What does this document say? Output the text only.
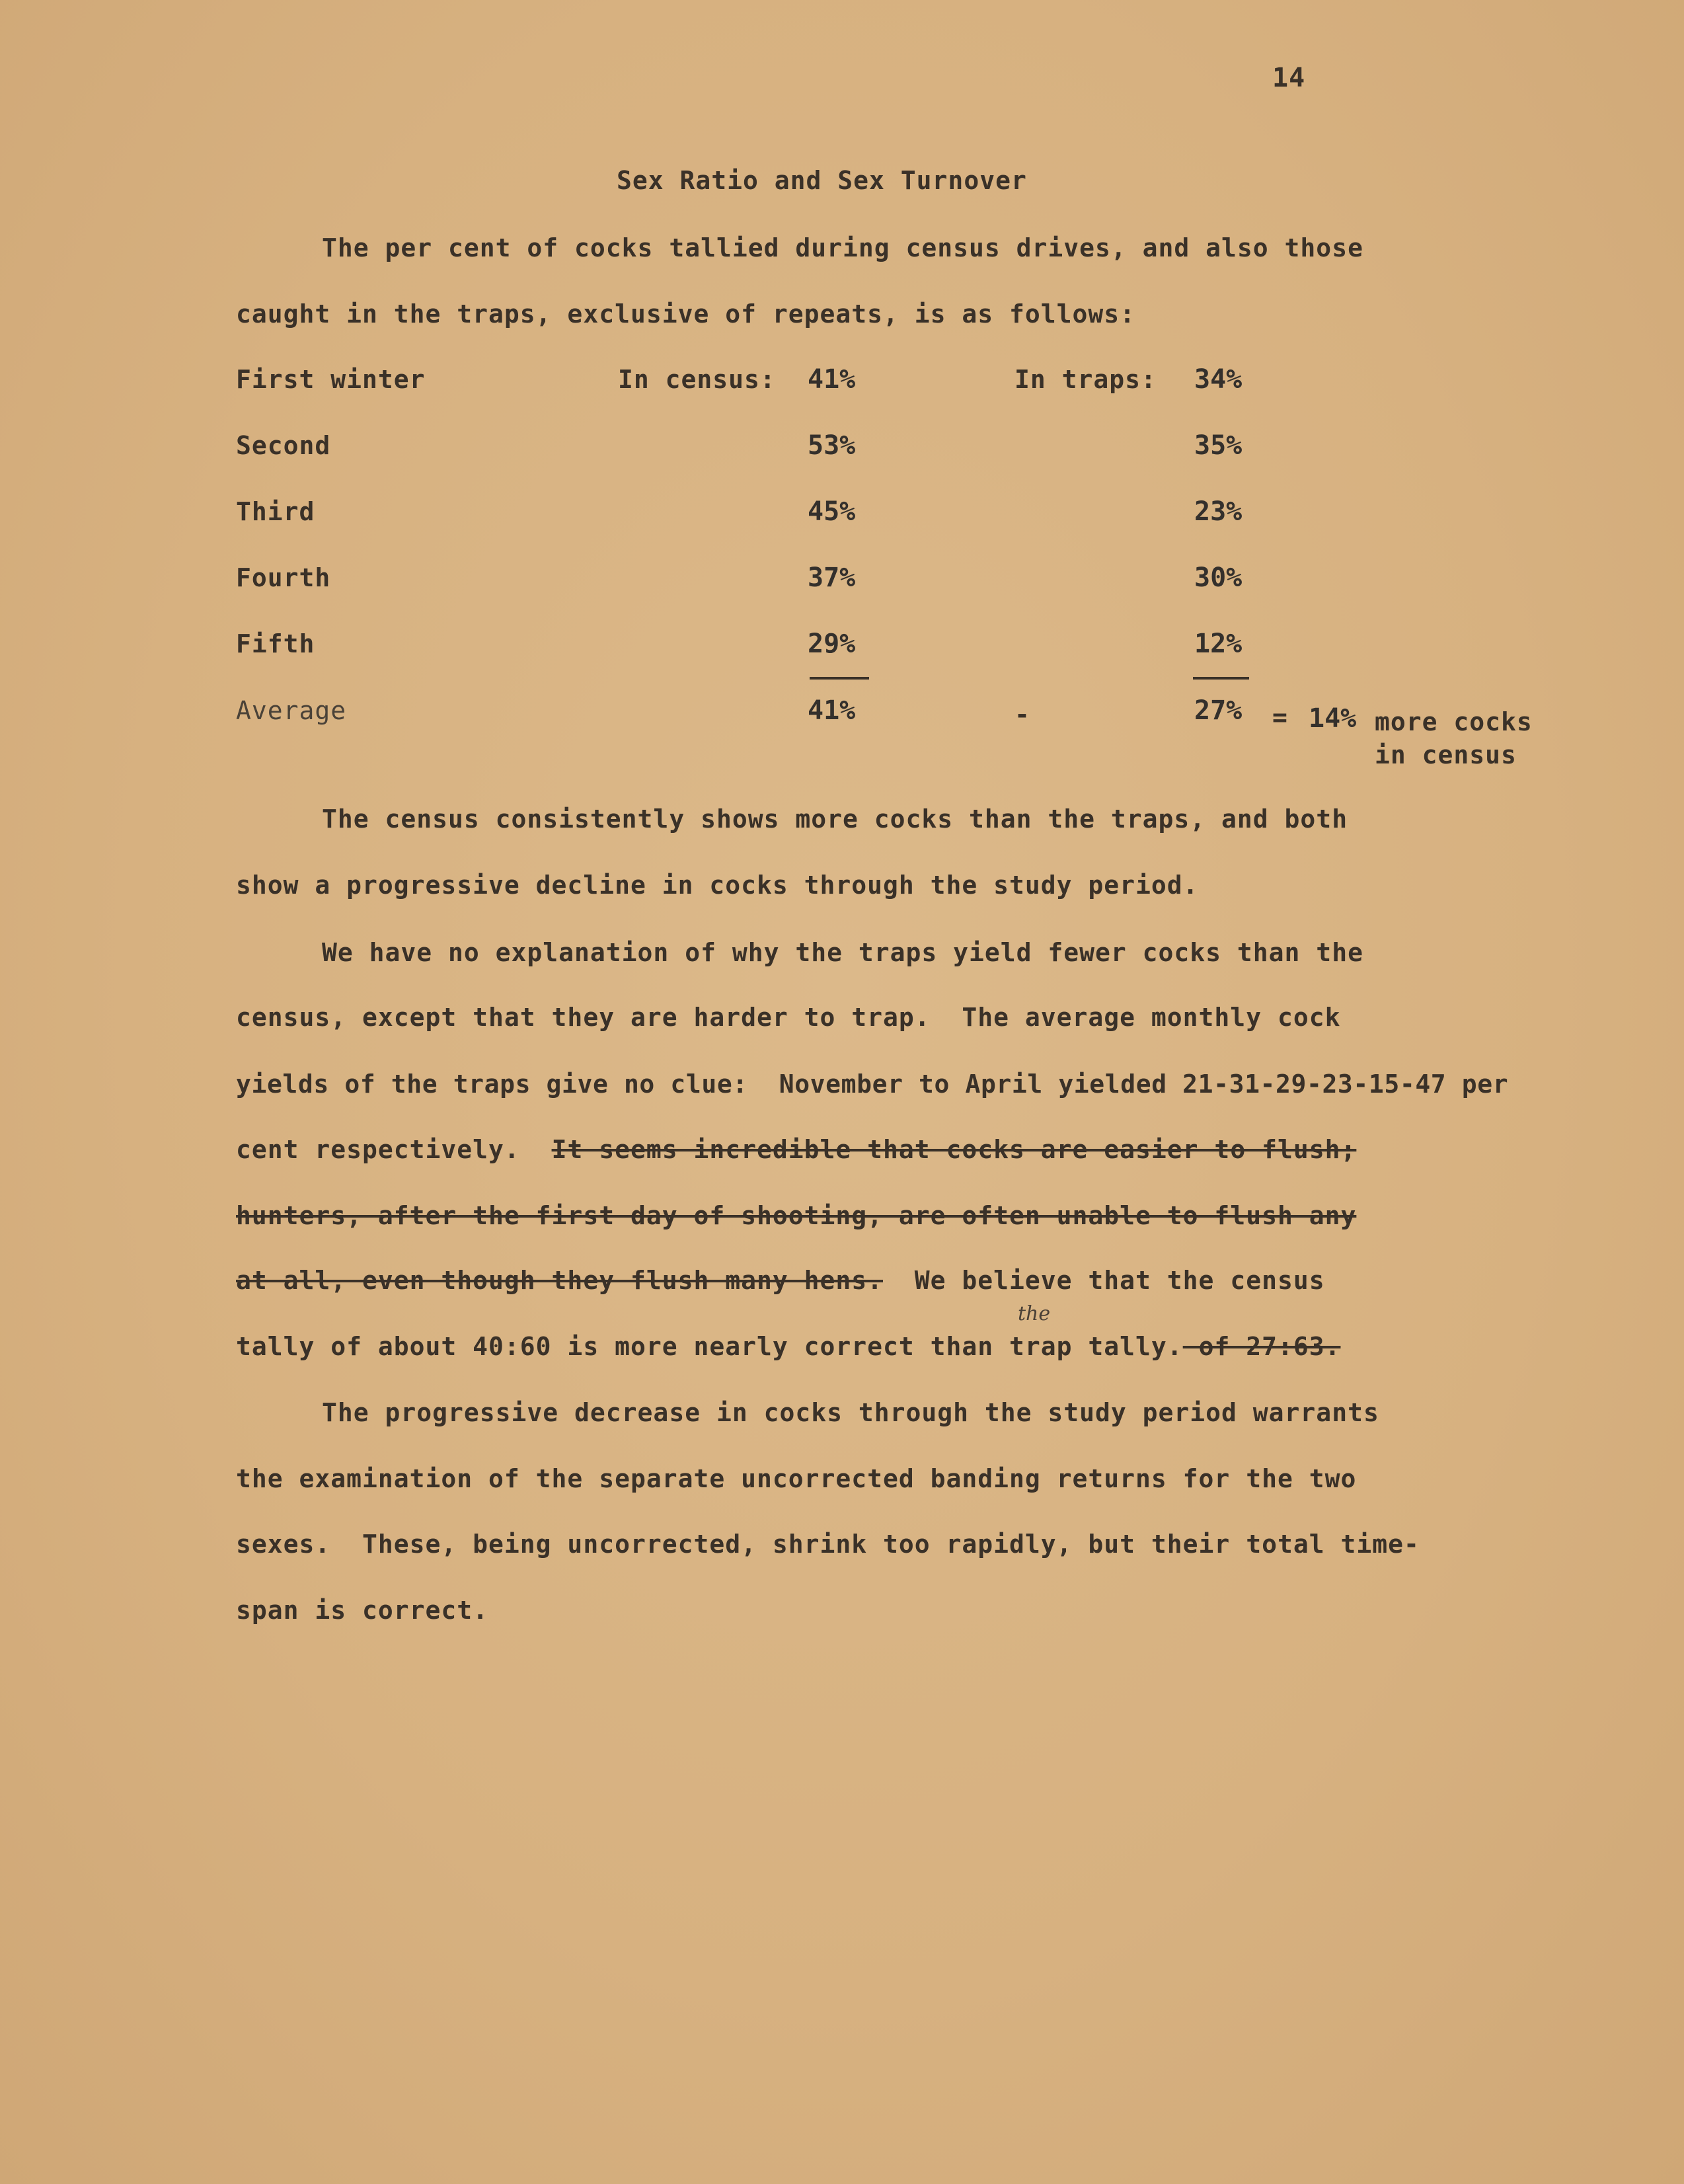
14
Sex Ratio and Sex Turnover
The per cent of cocks tallied during census drives, and also those
caught in the traps, exclusive of repeats, is as follows:
First winter	In census: 41%	In traps: 34%
Second	53%	35%
Third	45%	23%
Fourth	37%	30%
Fifth	29%	12%
Average	41%	-	27% = 14% more cocks
in census
The census consistently shows more cocks than the traps, and both
show a progressive decline in cocks through the study period.
We have no explanation of why the traps yield fewer cocks than the
census, except that they are harder to trap.  The average monthly cock
yields of the traps give no clue:  November to April yielded 21-31-29-23-15-47 per
cent respectively.  It seems incredible that cocks are easier to flush;
hunters, after the first day of shooting, are often unable to flush any
at all, even though they flush many hens.  We believe that the census
the
tally of about 40:60 is more nearly correct than trap tally. of 27:63.
The progressive decrease in cocks through the study period warrants
the examination of the separate uncorrected banding returns for the two
sexes.  These, being uncorrected, shrink too rapidly, but their total time-
span is correct.
